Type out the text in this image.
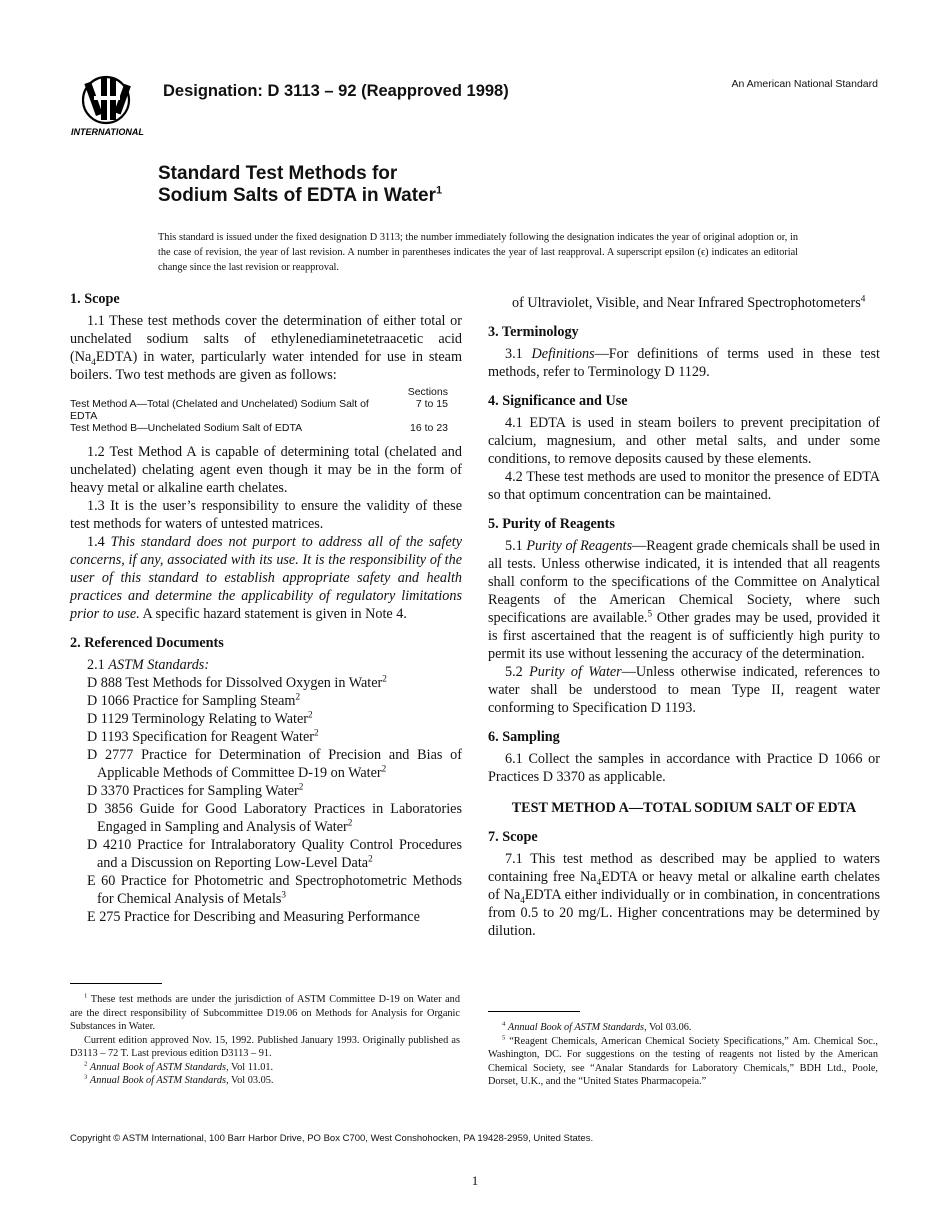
INTERNATIONAL
Designation: D 3113 – 92 (Reapproved 1998)	An American National Standard
Standard Test Methods for
Sodium Salts of EDTA in Water$^1$
This standard is issued under the fixed designation D 3113; the number immediately following the designation indicates the year of original adoption or, in the case of revision, the year of last revision. A number in parentheses indicates the year of last reapproval. A superscript epsilon (ϵ) indicates an editorial change since the last revision or reapproval.
1. Scope

1.1 These test methods cover the determination of either total or unchelated sodium salts of ethylenediaminetetraacetic acid $(Na_4EDTA)$ in water, particularly water intended for use in steam boilers. Two test methods are given as follows:

	Sections
Test Method A—Total (Chelated and Unchelated) Sodium Salt of EDTA	7 to 15
Test Method B—Unchelated Sodium Salt of EDTA	16 to 23

1.2 Test Method A is capable of determining total (chelated and unchelated) chelating agent even though it may be in the form of heavy metal or alkaline earth chelates.

1.3 It is the user’s responsibility to ensure the validity of these test methods for waters of untested matrices.

1.4 This standard does not purport to address all of the safety concerns, if any, associated with its use. It is the responsibility of the user of this standard to establish appropriate safety and health practices and determine the applicability of regulatory limitations prior to use. A specific hazard statement is given in Note 4.

2. Referenced Documents

2.1 ASTM Standards:

D 888 Test Methods for Dissolved Oxygen in Water$^2$

D 1066 Practice for Sampling Steam$^2$

D 1129 Terminology Relating to Water$^2$

D 1193 Specification for Reagent Water$^2$

D 2777 Practice for Determination of Precision and Bias of Applicable Methods of Committee D-19 on Water$^2$

D 3370 Practices for Sampling Water$^2$

D 3856 Guide for Good Laboratory Practices in Laboratories Engaged in Sampling and Analysis of Water$^2$

D 4210 Practice for Intralaboratory Quality Control Procedures and a Discussion on Reporting Low-Level Data$^2$

E 60 Practice for Photometric and Spectrophotometric Methods for Chemical Analysis of Metals$^3$

E 275 Practice for Describing and Measuring Performance

of Ultraviolet, Visible, and Near Infrared Spectrophotometers$^4$

3. Terminology

3.1 Definitions—For definitions of terms used in these test methods, refer to Terminology D 1129.

4. Significance and Use

4.1 EDTA is used in steam boilers to prevent precipitation of calcium, magnesium, and other metal salts, and under some conditions, to remove deposits caused by these elements.

4.2 These test methods are used to monitor the presence of EDTA so that optimum concentration can be maintained.

5. Purity of Reagents

5.1 Purity of Reagents—Reagent grade chemicals shall be used in all tests. Unless otherwise indicated, it is intended that all reagents shall conform to the specifications of the Committee on Analytical Reagents of the American Chemical Society, where such specifications are available.$^5$ Other grades may be used, provided it is first ascertained that the reagent is of sufficiently high purity to permit its use without lessening the accuracy of the determination.

5.2 Purity of Water—Unless otherwise indicated, references to water shall be understood to mean Type II, reagent water conforming to Specification D 1193.

6. Sampling

6.1 Collect the samples in accordance with Practice D 1066 or Practices D 3370 as applicable.

TEST METHOD A—TOTAL SODIUM SALT OF EDTA
7. Scope

7.1 This test method as described may be applied to waters containing free $Na_4EDTA$ or heavy metal or alkaline earth chelates of $Na_4EDTA$ either individually or in combination, in concentrations from 0.5 to 20 mg/L. Higher concentrations may be determined by dilution.

$^1$ These test methods are under the jurisdiction of ASTM Committee D-19 on Water and are the direct responsibility of Subcommittee D19.06 on Methods for Analysis for Organic Substances in Water.

Current edition approved Nov. 15, 1992. Published January 1993. Originally published as D3113 – 72 T. Last previous edition D3113 – 91.

$^2$ Annual Book of ASTM Standards, Vol 11.01.

$^3$ Annual Book of ASTM Standards, Vol 03.05.

$^4$ Annual Book of ASTM Standards, Vol 03.06.

$^5$ “Reagent Chemicals, American Chemical Society Specifications,” Am. Chemical Soc., Washington, DC. For suggestions on the testing of reagents not listed by the American Chemical Society, see “Analar Standards for Laboratory Chemicals,” BDH Ltd., Poole, Dorset, U.K., and the “United States Pharmacopeia.”

Copyright © ASTM International, 100 Barr Harbor Drive, PO Box C700, West Conshohocken, PA 19428-2959, United States.
1
